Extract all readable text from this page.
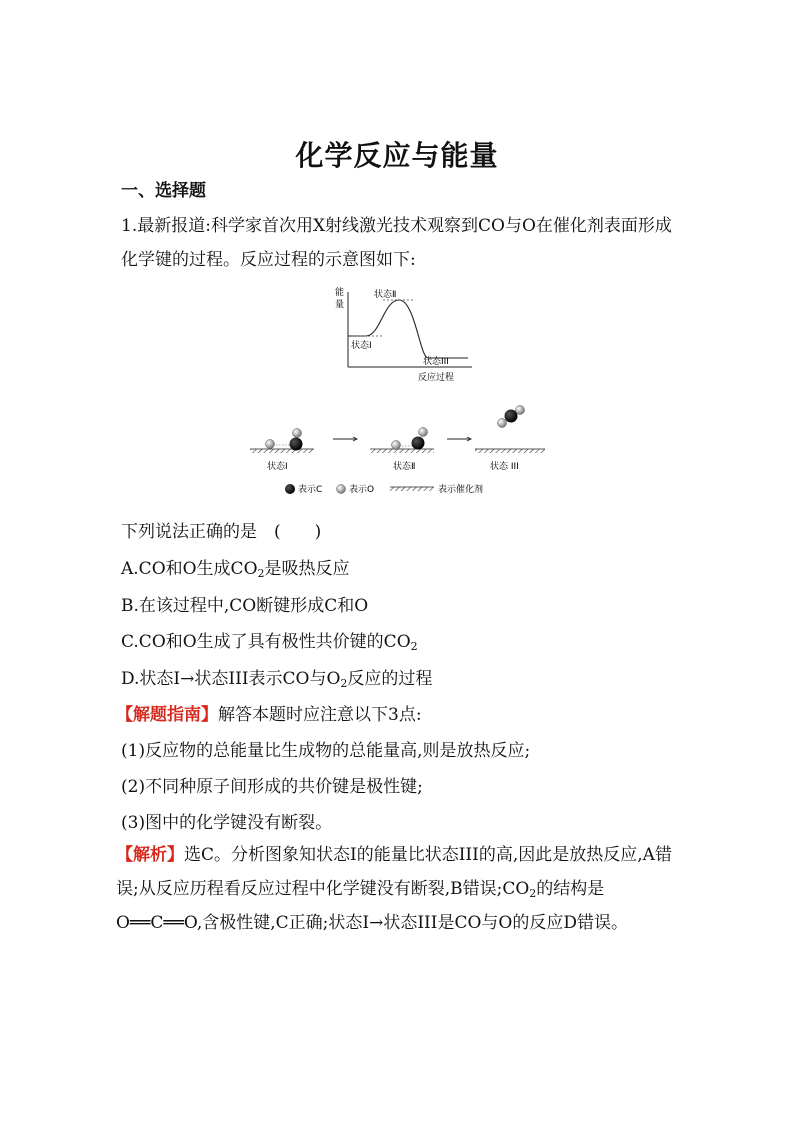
化学反应与能量
一、选择题
1.最新报道:科学家首次用X射线激光技术观察到CO与O在催化剂表面形成化学键的过程。反应过程的示意图如下:
能
量
状态Ⅰ
状态Ⅱ
状态III
反应过程
状态Ⅰ	状态Ⅱ	状态 III
表示C	表示O	表示催化剂
下列说法正确的是　(　　)
A.CO和O生成$CO_2$是吸热反应
B.在该过程中,CO断键形成C和O
C.CO和O生成了具有极性共价键的$CO_2$
D.状态Ⅰ→状态III表示CO与$O_2$反应的过程
【解题指南】解答本题时应注意以下3点:
(1)反应物的总能量比生成物的总能量高,则是放热反应;
(2)不同种原子间形成的共价键是极性键;
(3)图中的化学键没有断裂。
【解析】选C。分析图象知状态Ⅰ的能量比状态III的高,因此是放热反应,A错误;从反应历程看反应过程中化学键没有断裂,B错误$;CO_2$的结构是O══C══O,含极性键,C正确;状态Ⅰ→状态III是CO与O的反应D错误。
